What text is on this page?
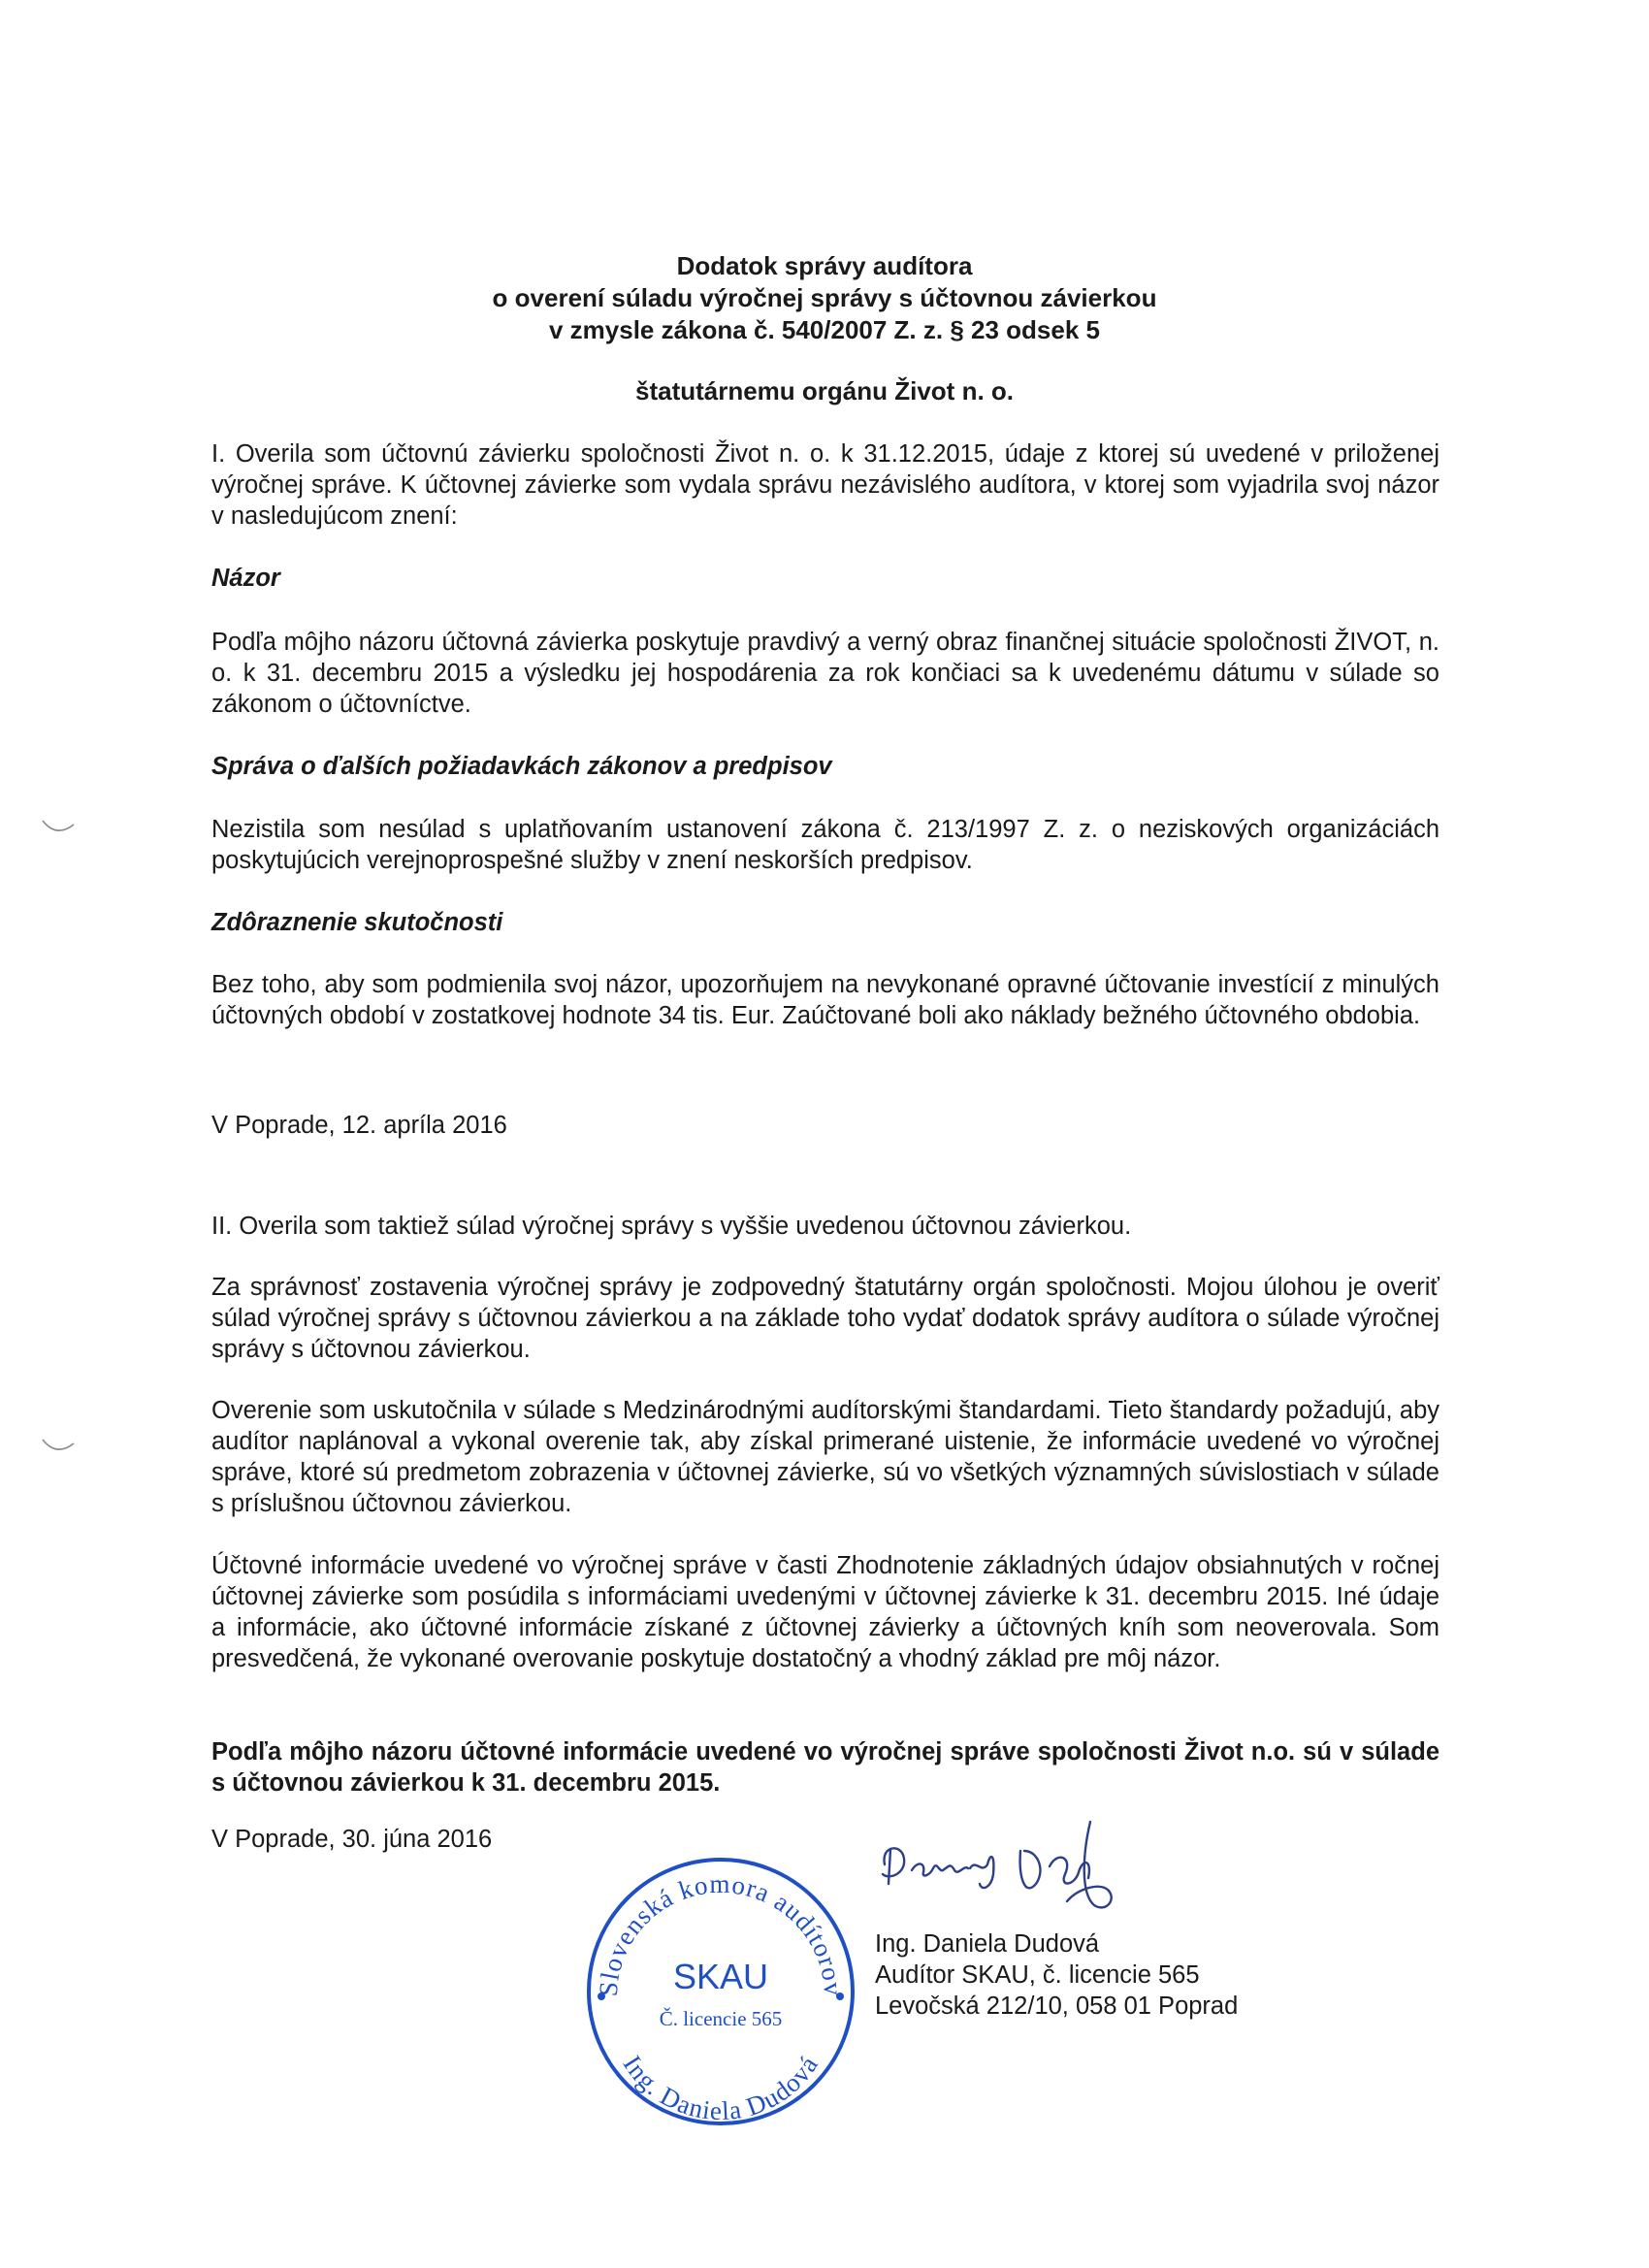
Dodatok správy audítora
o overení súladu výročnej správy s účtovnou závierkou
v zmysle zákona č. 540/2007 Z. z. § 23 odsek 5
štatutárnemu orgánu Život n. o.
I. Overila som účtovnú závierku spoločnosti Život n. o. k 31.12.2015, údaje z ktorej sú uvedené v priloženej výročnej správe. K účtovnej závierke som vydala správu nezávislého audítora, v ktorej som vyjadrila svoj názor v nasledujúcom znení:
Názor
Podľa môjho názoru účtovná závierka poskytuje pravdivý a verný obraz finančnej situácie spoločnosti ŽIVOT, n. o. k 31. decembru 2015 a výsledku jej hospodárenia za rok končiaci sa k uvedenému dátumu v súlade so zákonom o účtovníctve.
Správa o ďalších požiadavkách zákonov a predpisov
Nezistila som nesúlad s uplatňovaním ustanovení zákona č. 213/1997 Z. z. o neziskových organizáciách poskytujúcich verejnoprospešné služby v znení neskorších predpisov.
Zdôraznenie skutočnosti
Bez toho, aby som podmienila svoj názor, upozorňujem na nevykonané opravné účtovanie investícií z minulých účtovných období v zostatkovej hodnote 34 tis. Eur. Zaúčtované boli ako náklady bežného účtovného obdobia.
V Poprade, 12. apríla 2016
II. Overila som taktiež súlad výročnej správy s vyššie uvedenou účtovnou závierkou.
Za správnosť zostavenia výročnej správy je zodpovedný štatutárny orgán spoločnosti. Mojou úlohou je overiť súlad výročnej správy s účtovnou závierkou a na základe toho vydať dodatok správy audítora o súlade výročnej správy s účtovnou závierkou.
Overenie som uskutočnila v súlade s Medzinárodnými audítorskými štandardami. Tieto štandardy požadujú, aby audítor naplánoval a vykonal overenie tak, aby získal primerané uistenie, že informácie uvedené vo výročnej správe, ktoré sú predmetom zobrazenia v účtovnej závierke, sú vo všetkých významných súvislostiach v súlade s príslušnou účtovnou závierkou.
Účtovné informácie uvedené vo výročnej správe v časti Zhodnotenie základných údajov obsiahnutých v ročnej účtovnej závierke som posúdila s informáciami uvedenými v účtovnej závierke k 31. decembru 2015. Iné údaje a informácie, ako účtovné informácie získané z účtovnej závierky a účtovných kníh som neoverovala. Som presvedčená, že vykonané overovanie poskytuje dostatočný a vhodný základ pre môj názor.
Podľa môjho názoru účtovné informácie uvedené vo výročnej správe spoločnosti Život n.o. sú v súlade s účtovnou závierkou k 31. decembru 2015.
V Poprade, 30. júna 2016
Slovenská komora audítorov
Ing. Daniela Dudová
SKAU
Č. licencie 565
Ing. Daniela Dudová
Audítor SKAU, č. licencie 565
Levočská 212/10, 058 01 Poprad
